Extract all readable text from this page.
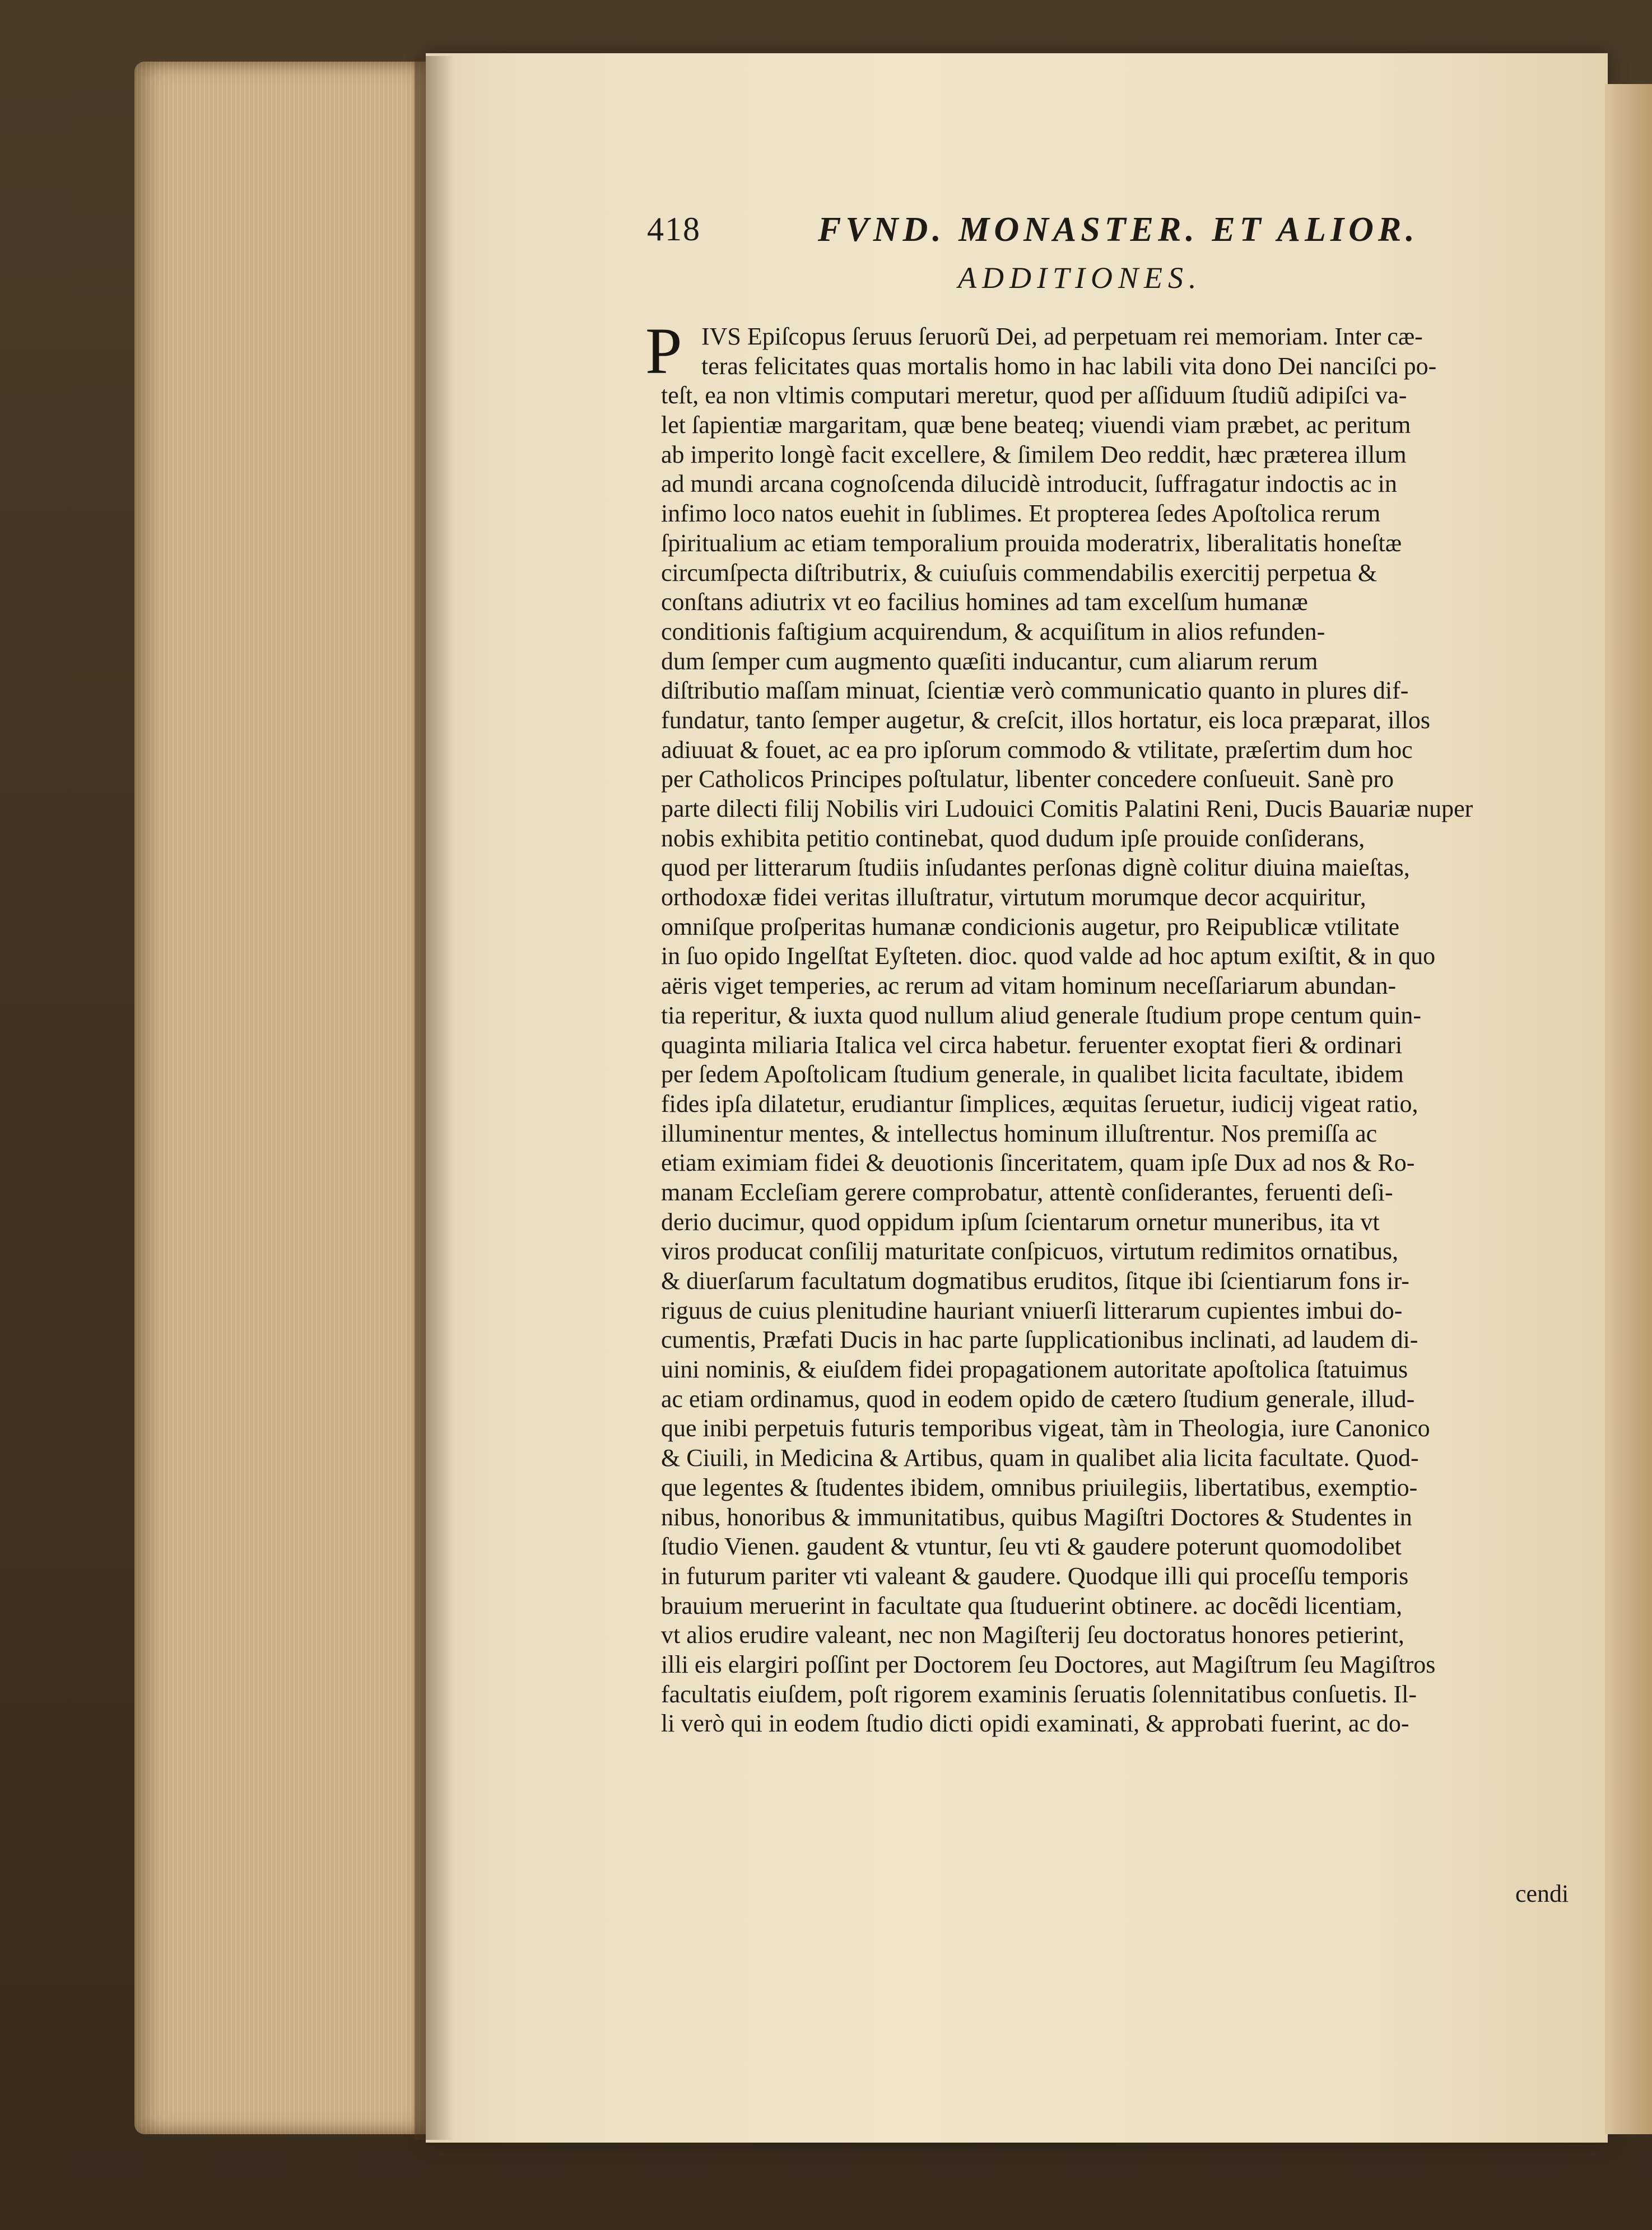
418	FVND. MONASTER. ET ALIOR.
ADDITIONES.
P IVS Epiſcopus ſeruus ſeruorũ Dei, ad perpetuam rei memoriam. Inter cæ-
teras felicitates quas mortalis homo in hac labili vita dono Dei nanciſci po-
teſt, ea non vltimis computari meretur, quod per aſſiduum ſtudiũ adipiſci va-
let ſapientiæ margaritam, quæ bene beateq; viuendi viam præbet, ac peritum
ab imperito longè facit excellere, & ſimilem Deo reddit, hæc præterea illum
ad mundi arcana cognoſcenda dilucidè introducit, ſuffragatur indoctis ac in
infimo loco natos euehit in ſublimes. Et propterea ſedes Apoſtolica rerum
ſpiritualium ac etiam temporalium prouida moderatrix, liberalitatis honeſtæ
circumſpecta diſtributrix, & cuiuſuis commendabilis exercitij perpetua &
conſtans adiutrix vt eo facilius homines ad tam excelſum humanæ
conditionis faſtigium acquirendum, & acquiſitum in alios refunden-
dum ſemper cum augmento quæſiti inducantur, cum aliarum rerum
diſtributio maſſam minuat, ſcientiæ verò communicatio quanto in plures dif-
fundatur, tanto ſemper augetur, & creſcit, illos hortatur, eis loca præparat, illos
adiuuat & fouet, ac ea pro ipſorum commodo & vtilitate, præſertim dum hoc
per Catholicos Principes poſtulatur, libenter concedere conſueuit. Sanè pro
parte dilecti filij Nobilis viri Ludouici Comitis Palatini Reni, Ducis Bauariæ nuper
nobis exhibita petitio continebat, quod dudum ipſe prouide conſiderans,
quod per litterarum ſtudiis inſudantes perſonas dignè colitur diuina maieſtas,
orthodoxæ fidei veritas illuſtratur, virtutum morumque decor acquiritur,
omniſque proſperitas humanæ condicionis augetur, pro Reipublicæ vtilitate
in ſuo opido Ingelſtat Eyſteten. dioc. quod valde ad hoc aptum exiſtit, & in quo
aëris viget temperies, ac rerum ad vitam hominum neceſſariarum abundan-
tia reperitur, & iuxta quod nullum aliud generale ſtudium prope centum quin-
quaginta miliaria Italica vel circa habetur. feruenter exoptat fieri & ordinari
per ſedem Apoſtolicam ſtudium generale, in qualibet licita facultate, ibidem
fides ipſa dilatetur, erudiantur ſimplices, æquitas ſeruetur, iudicij vigeat ratio,
illuminentur mentes, & intellectus hominum illuſtrentur. Nos premiſſa ac
etiam eximiam fidei & deuotionis ſinceritatem, quam ipſe Dux ad nos & Ro-
manam Eccleſiam gerere comprobatur, attentè conſiderantes, feruenti deſi-
derio ducimur, quod oppidum ipſum ſcientarum ornetur muneribus, ita vt
viros producat conſilij maturitate conſpicuos, virtutum redimitos ornatibus,
& diuerſarum facultatum dogmatibus eruditos, ſitque ibi ſcientiarum fons ir-
riguus de cuius plenitudine hauriant vniuerſi litterarum cupientes imbui do-
cumentis, Præfati Ducis in hac parte ſupplicationibus inclinati, ad laudem di-
uini nominis, & eiuſdem fidei propagationem autoritate apoſtolica ſtatuimus
ac etiam ordinamus, quod in eodem opido de cætero ſtudium generale, illud-
que inibi perpetuis futuris temporibus vigeat, tàm in Theologia, iure Canonico
& Ciuili, in Medicina & Artibus, quam in qualibet alia licita facultate. Quod-
que legentes & ſtudentes ibidem, omnibus priuilegiis, libertatibus, exemptio-
nibus, honoribus & immunitatibus, quibus Magiſtri Doctores & Studentes in
ſtudio Vienen. gaudent & vtuntur, ſeu vti & gaudere poterunt quomodolibet
in futurum pariter vti valeant & gaudere. Quodque illi qui proceſſu temporis
brauium meruerint in facultate qua ſtuduerint obtinere. ac docẽdi licentiam,
vt alios erudire valeant, nec non Magiſterij ſeu doctoratus honores petierint,
illi eis elargiri poſſint per Doctorem ſeu Doctores, aut Magiſtrum ſeu Magiſtros
facultatis eiuſdem, poſt rigorem examinis ſeruatis ſolennitatibus conſuetis. Il-
li verò qui in eodem ſtudio dicti opidi examinati, & approbati fuerint, ac do-
cendi
